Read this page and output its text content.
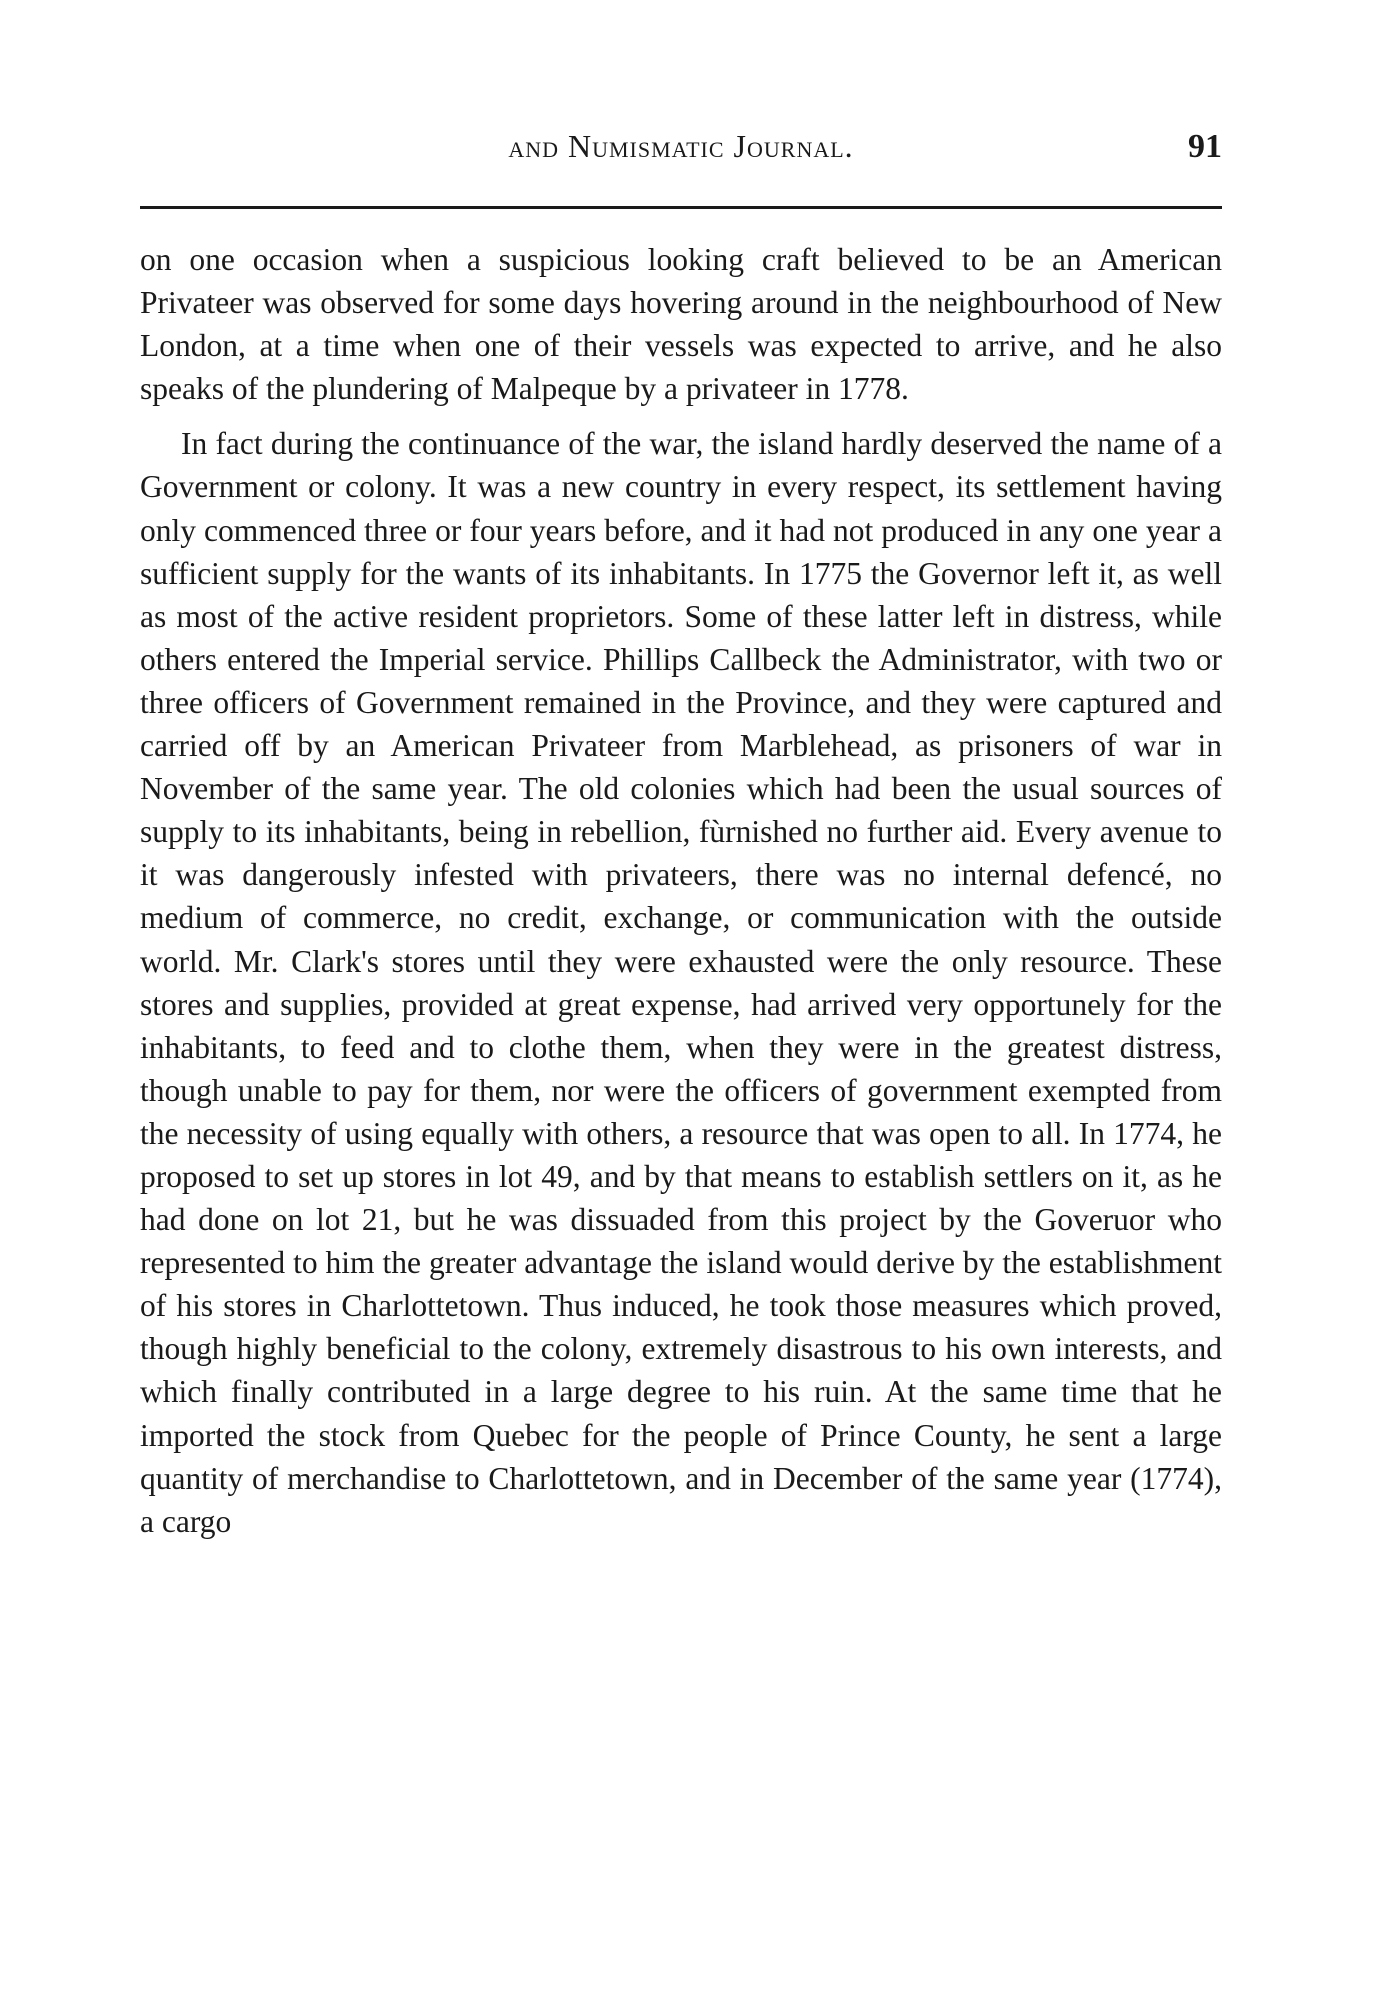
and Numismatic Journal.	91

on one occasion when a suspicious looking craft believed to be an American Privateer was observed for some days hovering around in the neighbourhood of New London, at a time when one of their vessels was expected to arrive, and he also speaks of the plundering of Malpeque by a privateer in 1778.

In fact during the continuance of the war, the island hardly deserved the name of a Government or colony. It was a new country in every respect, its settlement having only commenced three or four years before, and it had not produced in any one year a sufficient supply for the wants of its inhabitants. In 1775 the Governor left it, as well as most of the active resident proprietors. Some of these latter left in distress, while others entered the Imperial service. Phillips Callbeck the Administrator, with two or three officers of Government remained in the Province, and they were captured and carried off by an American Privateer from Marblehead, as prisoners of war in November of the same year. The old colonies which had been the usual sources of supply to its inhabitants, being in rebellion, fùrnished no further aid. Every avenue to it was dangerously infested with privateers, there was no internal defencé, no medium of commerce, no credit, exchange, or communication with the outside world. Mr. Clark's stores until they were exhausted were the only resource. These stores and supplies, provided at great expense, had arrived very opportunely for the inhabitants, to feed and to clothe them, when they were in the greatest distress, though unable to pay for them, nor were the officers of government exempted from the necessity of using equally with others, a resource that was open to all. In 1774, he proposed to set up stores in lot 49, and by that means to establish settlers on it, as he had done on lot 21, but he was dissuaded from this project by the Goveruor who represented to him the greater advantage the island would derive by the establishment of his stores in Charlottetown. Thus induced, he took those measures which proved, though highly beneficial to the colony, extremely disastrous to his own interests, and which finally contributed in a large degree to his ruin. At the same time that he imported the stock from Quebec for the people of Prince County, he sent a large quantity of merchandise to Charlottetown, and in December of the same year (1774), a cargo
